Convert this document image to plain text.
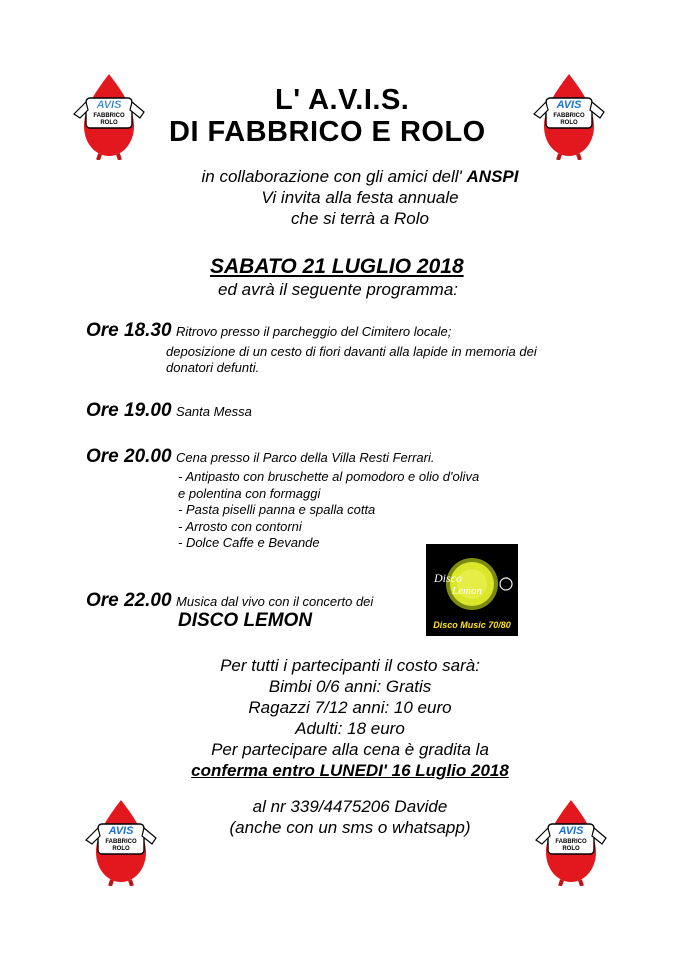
AVIS
FABBRICO
ROLO
AVIS
FABBRICO
ROLO
AVIS
FABBRICO
ROLO
AVIS
FABBRICO
ROLO
L' A.V.I.S.
DI FABBRICO E ROLO
in collaborazione con gli amici dell' ANSPI
Vi invita alla festa annuale
che si terrà a Rolo
SABATO 21 LUGLIO 2018
ed avrà il seguente programma:
Ore 18.30 Ritrovo presso il parcheggio del Cimitero locale;
deposizione di un cesto di fiori davanti alla lapide in memoria dei
donatori defunti.
Ore 19.00 Santa Messa
Ore 20.00 Cena presso il Parco della Villa Resti Ferrari.
- Antipasto con bruschette al pomodoro e olio d'oliva
e polentina con formaggi
- Pasta piselli panna e spalla cotta
- Arrosto con contorni
- Dolce Caffe e Bevande
Disco
Lemon
Disco Music 70/80
Ore 22.00 Musica dal vivo con il concerto dei
DISCO LEMON
Per tutti i partecipanti il costo sarà:
Bimbi 0/6 anni: Gratis
Ragazzi 7/12 anni: 10 euro
Adulti: 18 euro
Per partecipare alla cena è gradita la
conferma entro LUNEDI' 16 Luglio 2018
al nr 339/4475206 Davide
(anche con un sms o whatsapp)
